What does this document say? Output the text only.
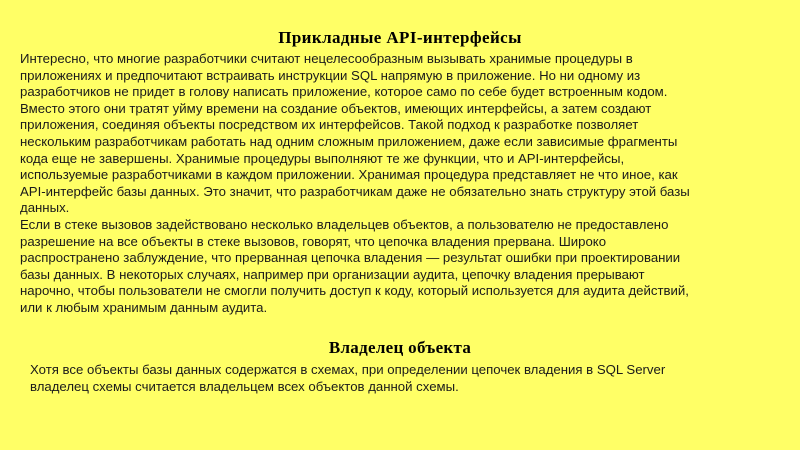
Прикладные API-интерфейсы

Интересно, что многие разработчики считают нецелесообразным вызывать хранимые процедуры в
приложениях и предпочитают встраивать инструкции SQL напрямую в приложение. Но ни одному из
разработчиков не придет в голову написать приложение, которое само по себе будет встроенным кодом.
Вместо этого они тратят уйму времени на создание объектов, имеющих интерфейсы, а затем создают
приложения, соединяя объекты посредством их интерфейсов. Такой подход к разработке позволяет
нескольким разработчикам работать над одним сложным приложением, даже если зависимые фрагменты
кода еще не завершены. Хранимые процедуры выполняют те же функции, что и API-интерфейсы,
используемые разработчиками в каждом приложении. Хранимая процедура представляет не что иное, как
API-интерфейс базы данных. Это значит, что разработчикам даже не обязательно знать структуру этой базы
данных.
Если в стеке вызовов задействовано несколько владельцев объектов, а пользователю не предоставлено
разрешение на все объекты в стеке вызовов, говорят, что цепочка владения прервана. Широко
распространено заблуждение, что прерванная цепочка владения — результат ошибки при проектировании
базы данных. В некоторых случаях, например при организации аудита, цепочку владения прерывают
нарочно, чтобы пользователи не смогли получить доступ к коду, который используется для аудита действий,
или к любым хранимым данным аудита.

Владелец объекта

Хотя все объекты базы данных содержатся в схемах, при определении цепочек владения в SQL Server
владелец схемы считается владельцем всех объектов данной схемы.
